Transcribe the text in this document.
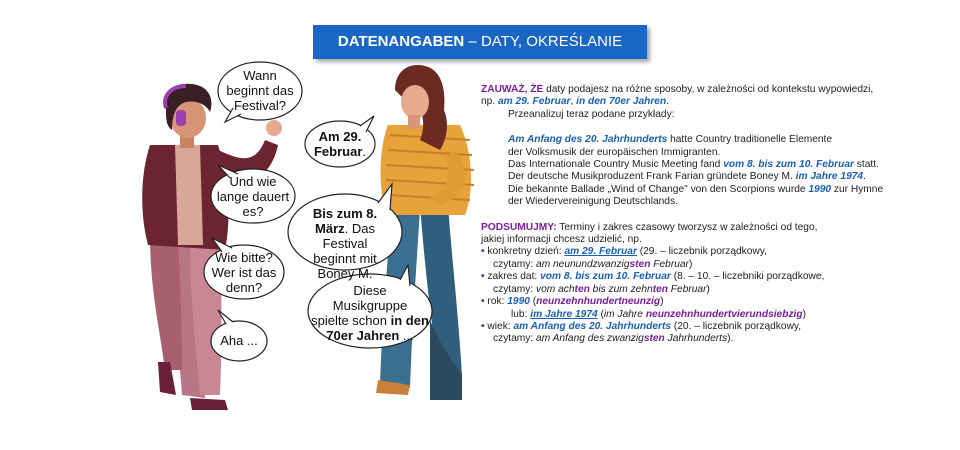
DATENANGABEN – DATY, OKREŚLANIE CZASU
Wann
beginnt das
Festival?
Und wie
lange dauert
es?
Wie bitte?
Wer ist das
denn?
Aha ...
Am 29.
Februar.
Bis zum 8.
März. Das Festival
beginnt mit
Boney M.
Diese
Musikgruppe
spielte schon in den
70er Jahren ...

ZAUWAŻ, ŻE daty podajesz na różne sposoby, w zależności od kontekstu wypowiedzi,

np. am 29. Februar, in den 70er Jahren.

Przeanalizuj teraz podane przykłady:

Am Anfang des 20. Jahrhunderts hatte Country traditionelle Elemente

der Volksmusik der europäischen Immigranten.

Das Internationale Country Music Meeting fand vom 8. bis zum 10. Februar statt.

Der deutsche Musikproduzent Frank Farian gründete Boney M. im Jahre 1974.

Die bekannte Ballade „Wind of Change" von den Scorpions wurde 1990 zur Hymne

der Wiedervereinigung Deutschlands.

PODSUMUJMY: Terminy i zakres czasowy tworzysz w zależności od tego,

jakiej informacji chcesz udzielić, np.

• konkretny dzień: am 29. Februar (29. – liczebnik porządkowy,
czytamy: am neunundzwanzigsten Februar)
• zakres dat: vom 8. bis zum 10. Februar (8. – 10. – liczebniki porządkowe,
czytamy: vom achten bis zum zehnten Februar)
• rok: 1990 (neunzehnhundertneunzig)
lub: im Jahre 1974 (im Jahre neunzehnhundertvierundsiebzig)
• wiek: am Anfang des 20. Jahrhunderts (20. – liczebnik porządkowy,
czytamy: am Anfang des zwanzigsten Jahrhunderts).
